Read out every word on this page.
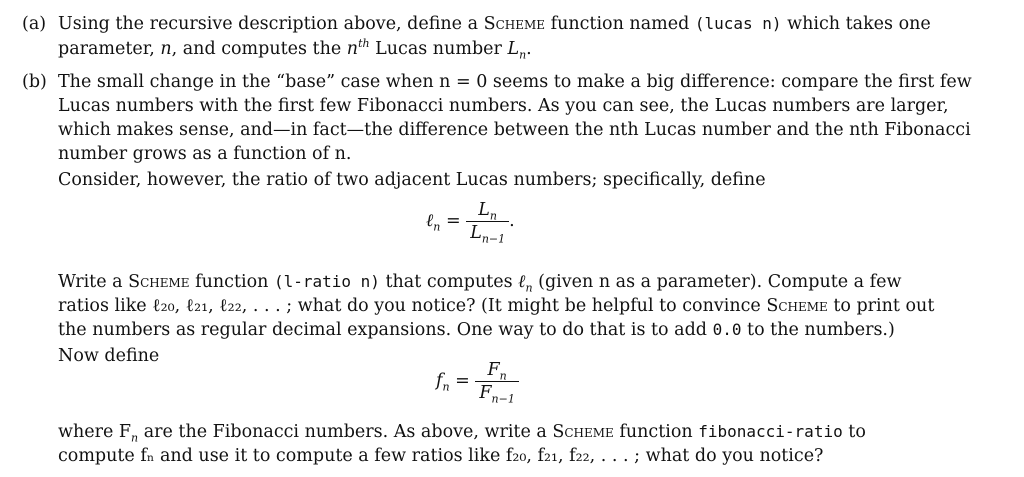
(a) Using the recursive description above, define a Scheme function named (lucas n) which takes one
parameter, n, and computes the $n^{th}$ Lucas number $L_n$.
(b) The small change in the “base” case when n = 0 seems to make a big difference: compare the first few
Lucas numbers with the first few Fibonacci numbers. As you can see, the Lucas numbers are larger,
which makes sense, and—in fact—the difference between the nth Lucas number and the nth Fibonacci
number grows as a function of n.
Consider, however, the ratio of two adjacent Lucas numbers; specifically, define
ℓ$_n$ = $\frac{L_n}{L_{n-1}}$ .
Write a Scheme function (l-ratio n) that computes ℓ$_n$ (given n as a parameter). Compute a few
ratios like ℓ₂₀, ℓ₂₁, ℓ₂₂, . . . ; what do you notice? (It might be helpful to convince Scheme to print out
the numbers as regular decimal expansions. One way to do that is to add 0.0 to the numbers.)
Now define
$f_n = \frac{F_n}{F_{n-1}}$
where $F_n$ are the Fibonacci numbers. As above, write a Scheme function fibonacci-ratio to
compute fₙ and use it to compute a few ratios like f₂₀, f₂₁, f₂₂, . . . ; what do you notice?
